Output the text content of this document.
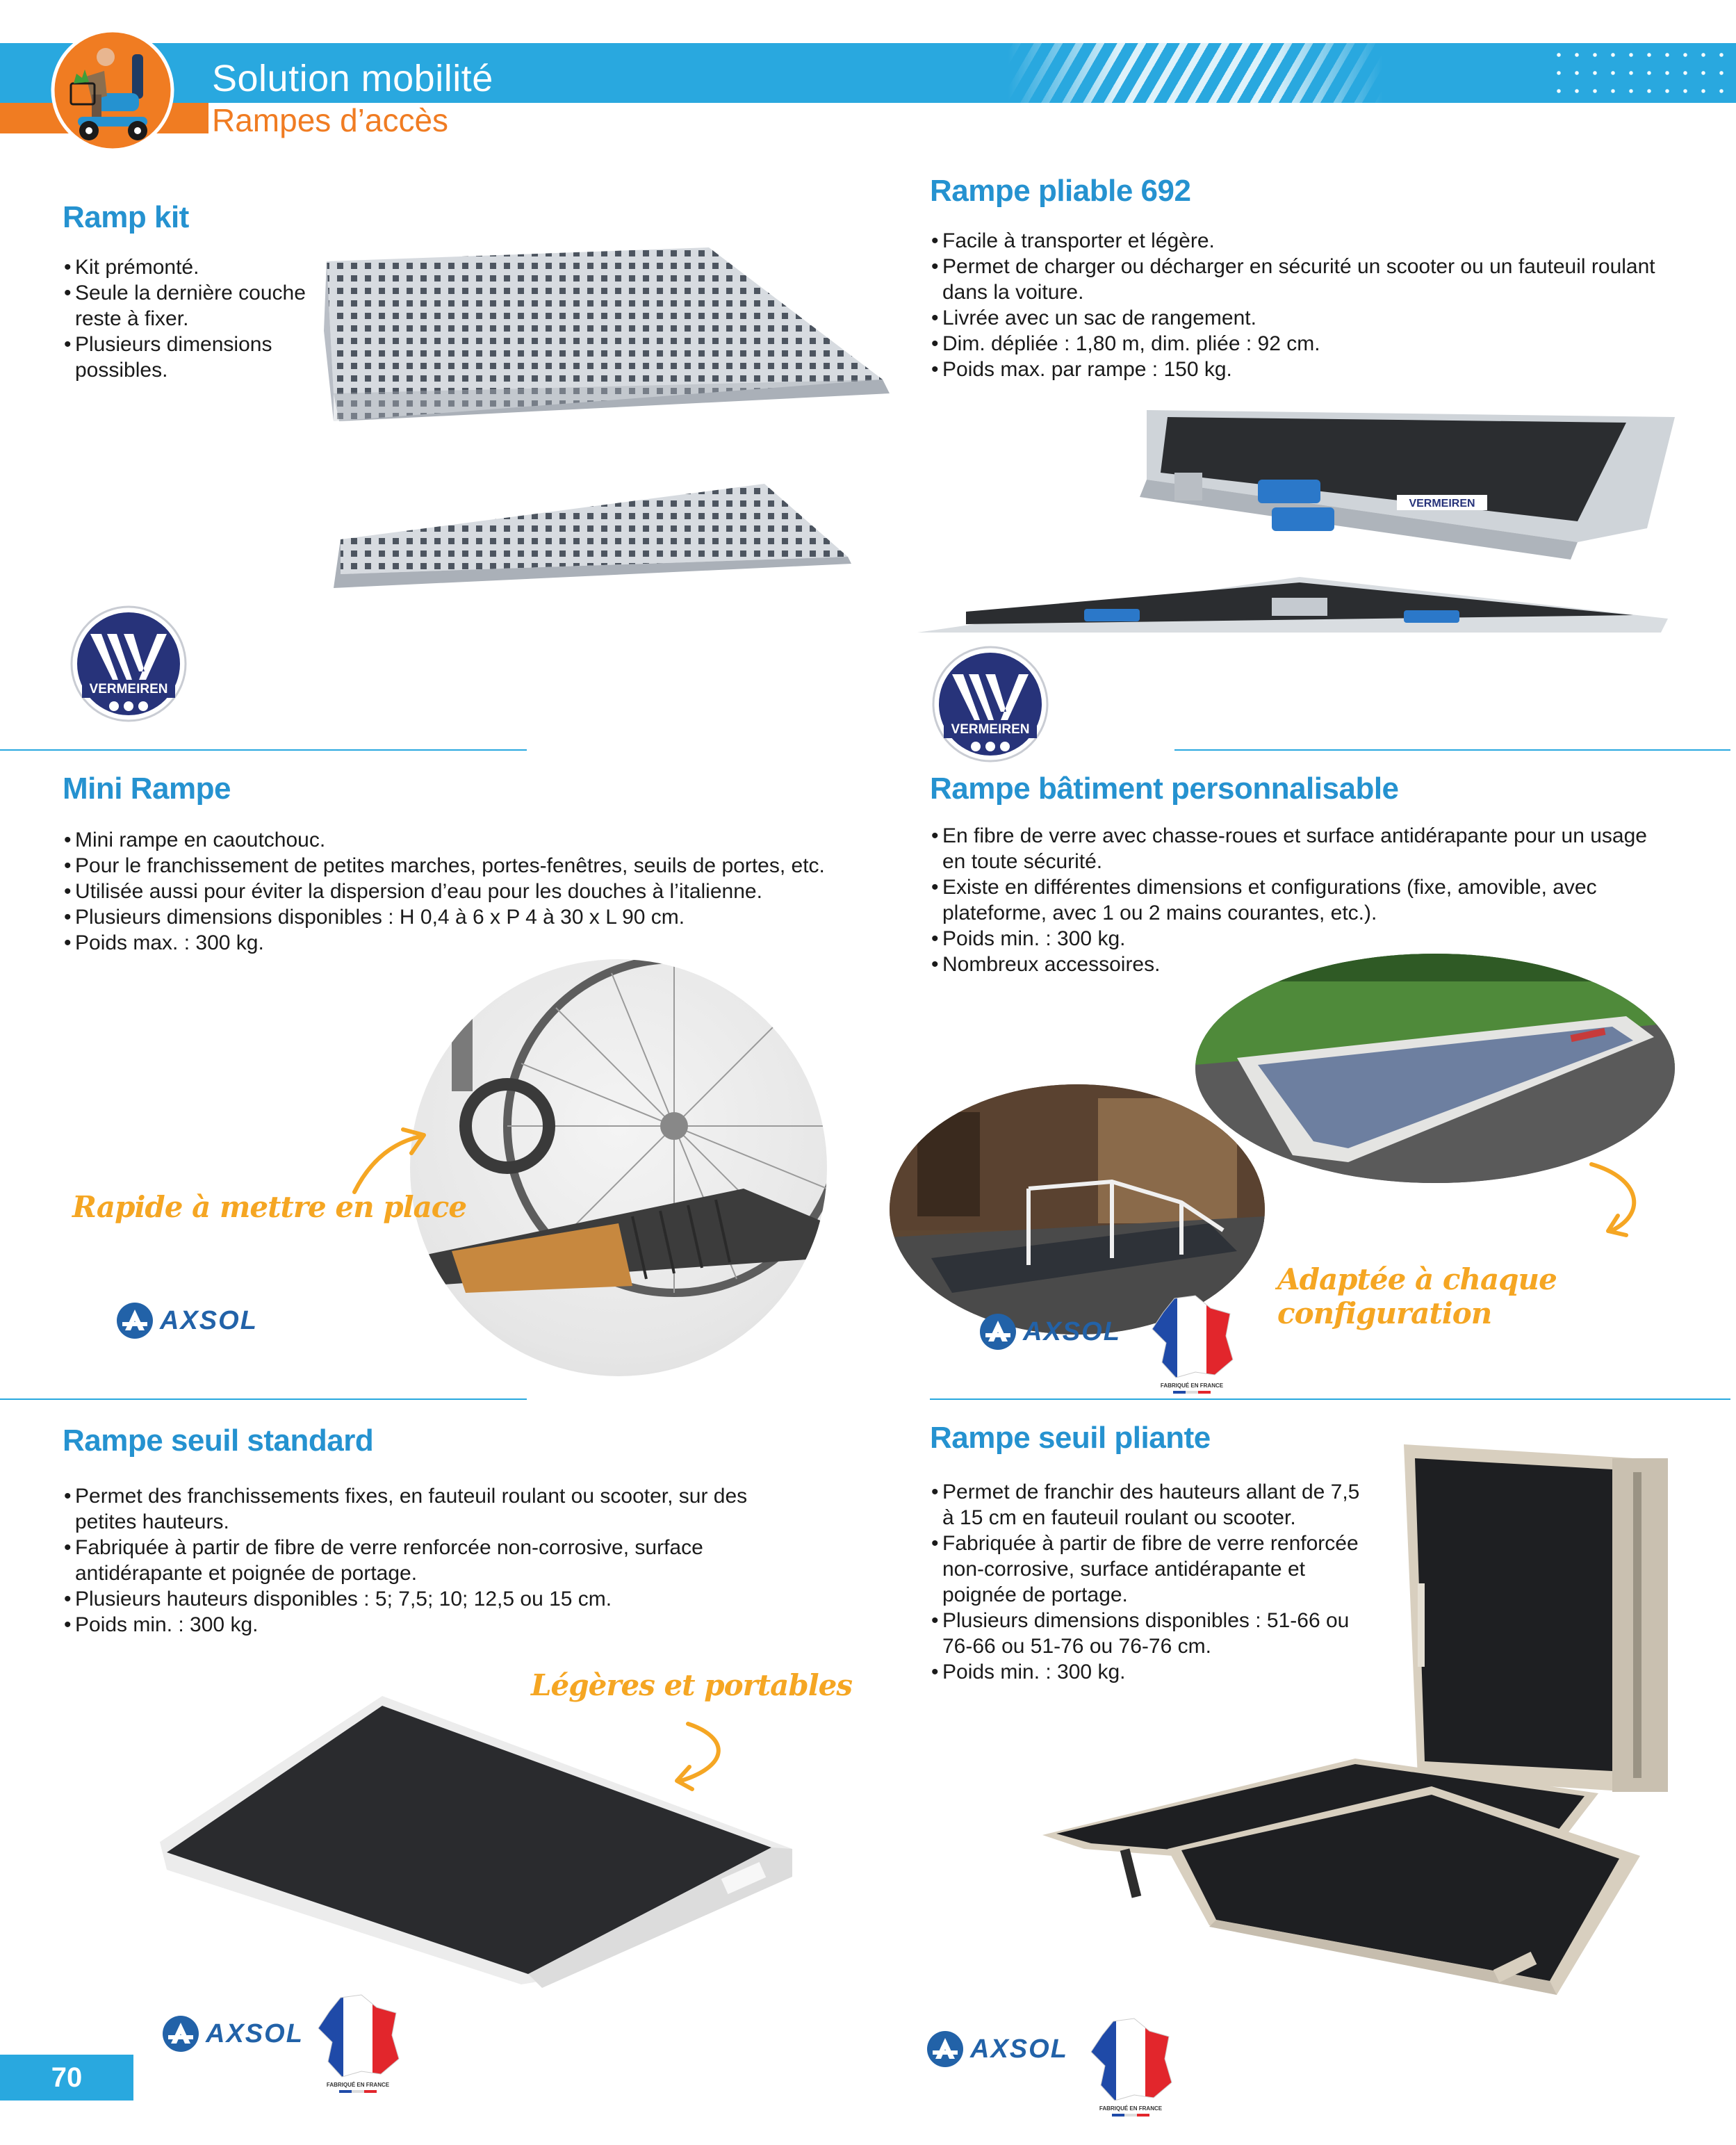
Solution mobilité
Rampes d’accès
Ramp kit
• Kit prémonté.
• Seule la dernière couche reste à fixer.
• Plusieurs dimensions possibles.
VERMEIREN
Rampe pliable 692
• Facile à transporter et légère.
• Permet de charger ou décharger en sécurité un scooter ou un fauteuil roulant dans la voiture.
• Livrée avec un sac de rangement.
• Dim. dépliée : 1,80 m, dim. pliée : 92 cm.
• Poids max. par rampe : 150 kg.
VERMEIREN
VERMEIREN
Mini Rampe
• Mini rampe en caoutchouc.
• Pour le franchissement de petites marches, portes-fenêtres, seuils de portes, etc.
• Utilisée aussi pour éviter la dispersion d’eau pour les douches à l’italienne.
• Plusieurs dimensions disponibles : H 0,4 à 6 x P 4 à 30 x L 90 cm.
• Poids max. : 300 kg.
Rapide à mettre en place
AXSOL
Rampe bâtiment personnalisable
• En fibre de verre avec chasse-roues et surface antidérapante pour un usage en toute sécurité.
• Existe en différentes dimensions et configurations (fixe, amovible, avec plateforme, avec 1 ou 2 mains courantes, etc.).
• Poids min. : 300 kg.
• Nombreux accessoires.
Adaptée à chaque configuration
AXSOL
FABRIQUÉ EN FRANCE
Rampe seuil standard
• Permet des franchissements fixes, en fauteuil roulant ou scooter, sur des petites hauteurs.
• Fabriquée à partir de fibre de verre renforcée non-corrosive, surface antidérapante et poignée de portage.
• Plusieurs hauteurs disponibles : 5; 7,5; 10; 12,5 ou 15 cm.
• Poids min. : 300 kg.
Légères et portables
AXSOL
FABRIQUÉ EN FRANCE
Rampe seuil pliante
• Permet de franchir des hauteurs allant de 7,5 à 15 cm en fauteuil roulant ou scooter.
• Fabriquée à partir de fibre de verre renforcée non-corrosive, surface antidérapante et poignée de portage.
• Plusieurs dimensions disponibles : 51-66 ou 76-66 ou 51-76 ou 76-76 cm.
• Poids min. : 300 kg.
AXSOL
FABRIQUÉ EN FRANCE
70
